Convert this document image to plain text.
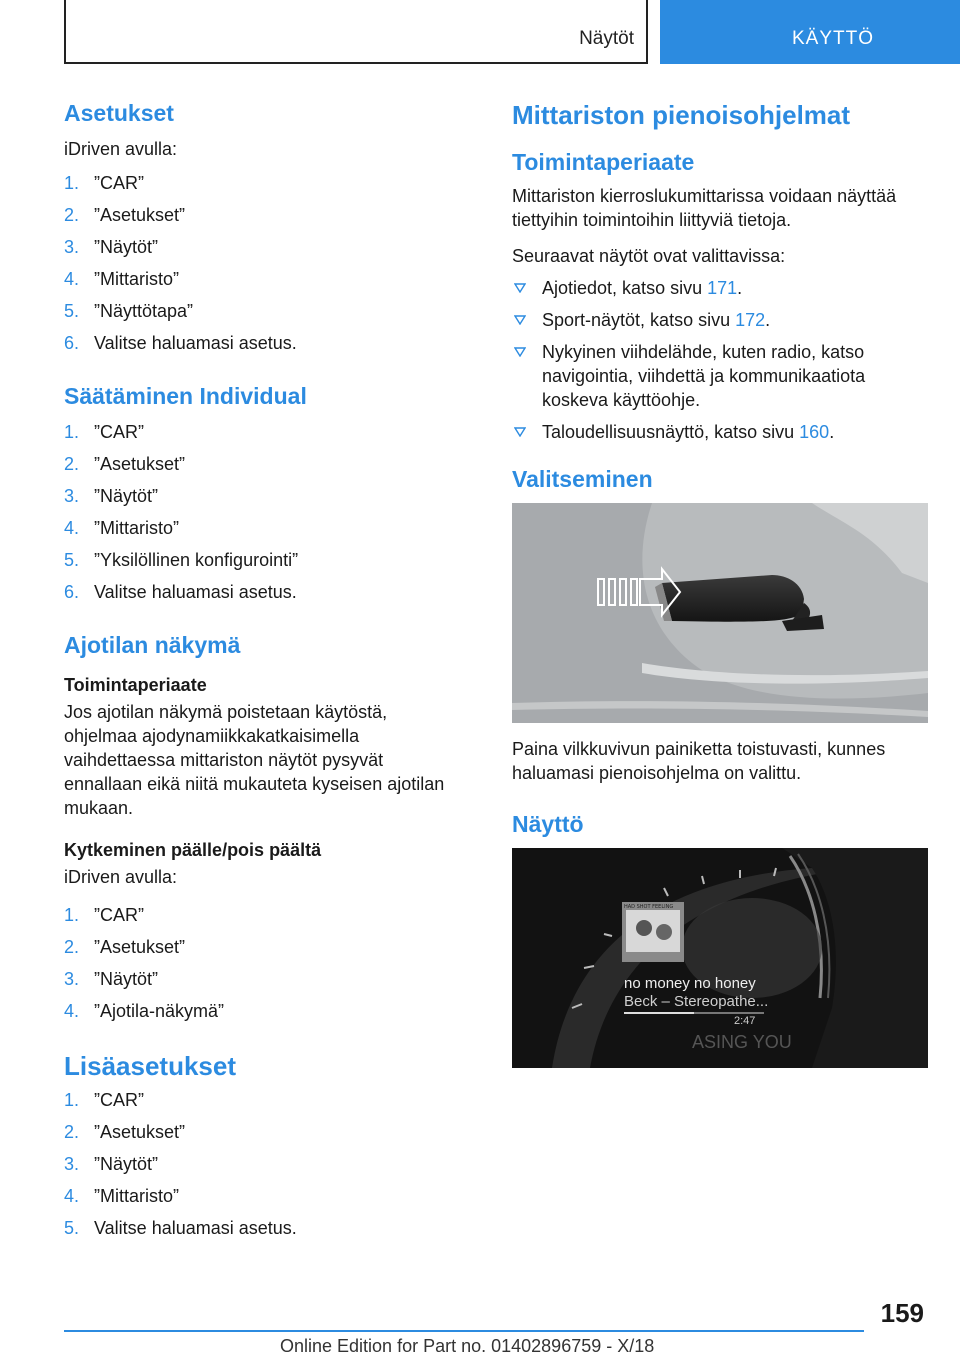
Näytöt	KÄYTTÖ
Asetukset

iDriven avulla:

1. ”CAR”
2. ”Asetukset”
3. ”Näytöt”
4. ”Mittaristo”
5. ”Näyttötapa”
6. Valitse haluamasi asetus.
Säätäminen Individual
1. ”CAR”
2. ”Asetukset”
3. ”Näytöt”
4. ”Mittaristo”
5. ”Yksilöllinen konfigurointi”
6. Valitse haluamasi asetus.
Ajotilan näkymä
Toimintaperiaate

Jos ajotilan näkymä poistetaan käytöstä, ohjelmaa ajodynamiikkakatkaisimella vaihdettaessa mittariston näytöt pysyvät ennallaan eikä niitä mukauteta kyseisen ajotilan mukaan.

Kytkeminen päälle/pois päältä

iDriven avulla:

1. ”CAR”
2. ”Asetukset”
3. ”Näytöt”
4. ”Ajotila-näkymä”
Lisäasetukset
1. ”CAR”
2. ”Asetukset”
3. ”Näytöt”
4. ”Mittaristo”
5. Valitse haluamasi asetus.
Mittariston pienoisohjelmat
Toimintaperiaate

Mittariston kierroslukumittarissa voidaan näyttää tiettyihin toimintoihin liittyviä tietoja.

Seuraavat näytöt ovat valittavissa:

Ajotiedot, katso sivu 171.
Sport-näytöt, katso sivu 172.
Nykyinen viihdelähde, kuten radio, katso navigointia, viihdettä ja kommunikaatiota koskeva käyttöohje.
Taloudellisuusnäyttö, katso sivu 160.
Valitseminen

Paina vilkkuvivun painiketta toistuvasti, kunnes haluamasi pienoisohjelma on valittu.

Näyttö
HAD SHOT FEELING
no money no honey
Beck – Stereopathe...
2:47
ASING YOU
159
Online Edition for Part no. 01402896759 - X/18
